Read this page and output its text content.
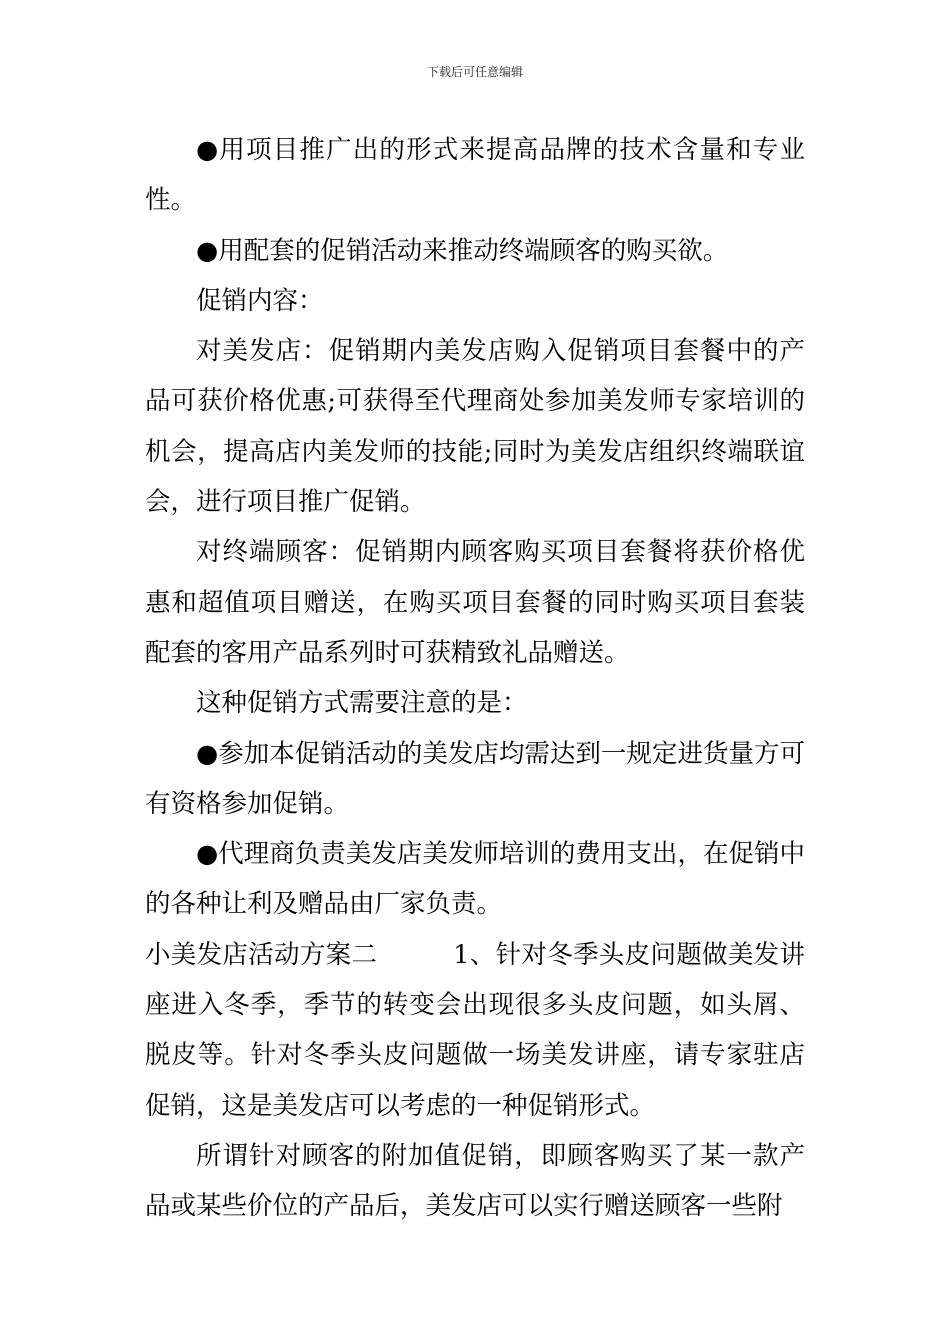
下载后可任意编辑

●用项目推广出的形式来提高品牌的技术含量和专业性。

●用配套的促销活动来推动终端顾客的购买欲。

促销内容：

对美发店：促销期内美发店购入促销项目套餐中的产品可获价格优惠;可获得至代理商处参加美发师专家培训的机会，提高店内美发师的技能;同时为美发店组织终端联谊会，进行项目推广促销。

对终端顾客：促销期内顾客购买项目套餐将获价格优惠和超值项目赠送，在购买项目套餐的同时购买项目套装配套的客用产品系列时可获精致礼品赠送。

这种促销方式需要注意的是：

●参加本促销活动的美发店均需达到一规定进货量方可有资格参加促销。

●代理商负责美发店美发师培训的费用支出，在促销中的各种让利及赠品由厂家负责。

小美发店活动方案二	1、针对冬季头皮问题做美发讲座进入冬季，季节的转变会出现很多头皮问题，如头屑、脱皮等。针对冬季头皮问题做一场美发讲座，请专家驻店促销，这是美发店可以考虑的一种促销形式。

所谓针对顾客的附加值促销，即顾客购买了某一款产品或某些价位的产品后，美发店可以实行赠送顾客一些附
